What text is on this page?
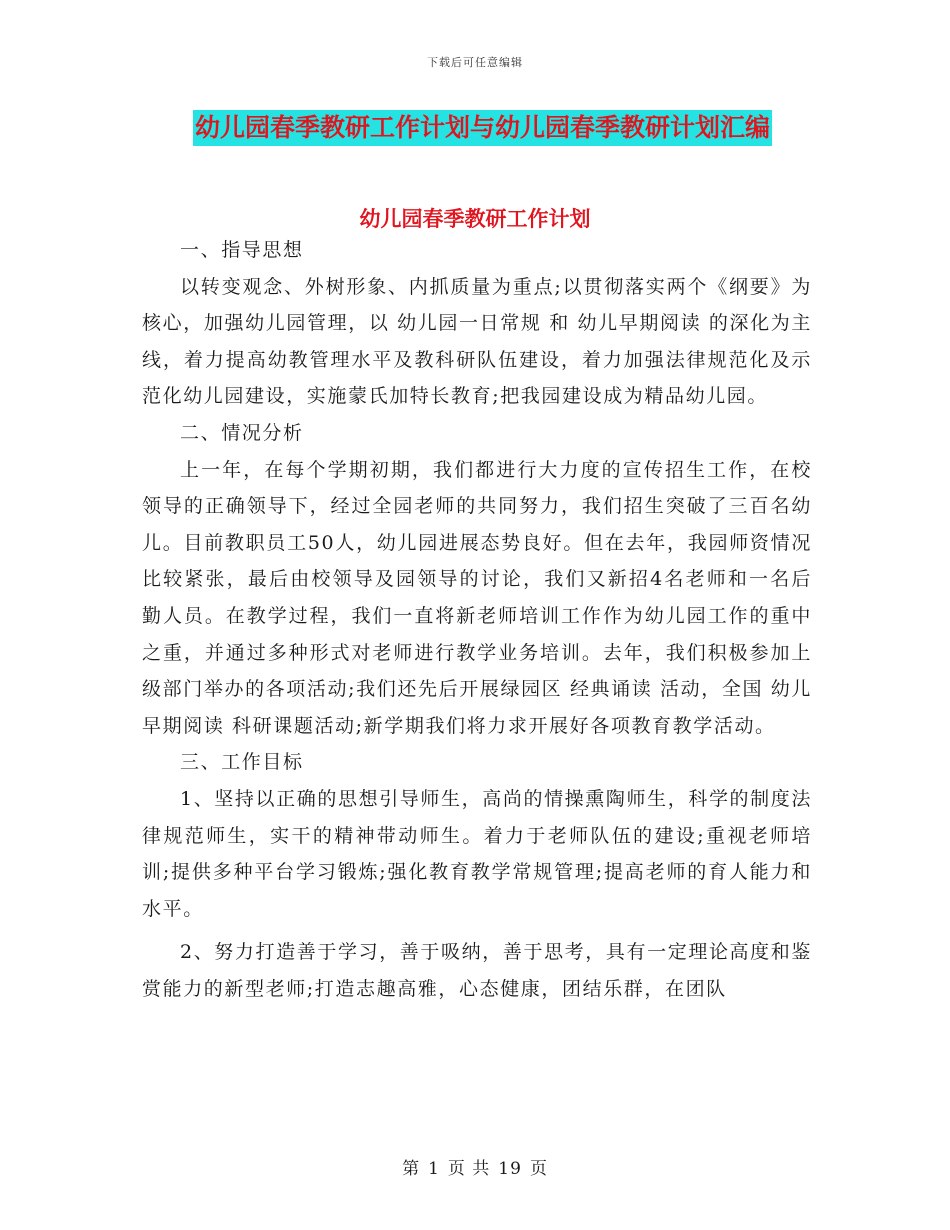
下载后可任意编辑
幼儿园春季教研工作计划与幼儿园春季教研计划汇编
幼儿园春季教研工作计划

一、指导思想

以转变观念、外树形象、内抓质量为重点;以贯彻落实两个《纲要》为核心，加强幼儿园管理，以 幼儿园一日常规 和 幼儿早期阅读 的深化为主线，着力提高幼教管理水平及教科研队伍建设，着力加强法律规范化及示范化幼儿园建设，实施蒙氏加特长教育;把我园建设成为精品幼儿园。

二、情况分析

上一年，在每个学期初期，我们都进行大力度的宣传招生工作，在校领导的正确领导下，经过全园老师的共同努力，我们招生突破了三百名幼儿。目前教职员工50人，幼儿园进展态势良好。但在去年，我园师资情况比较紧张，最后由校领导及园领导的讨论，我们又新招4名老师和一名后勤人员。在教学过程，我们一直将新老师培训工作作为幼儿园工作的重中之重，并通过多种形式对老师进行教学业务培训。去年，我们积极参加上级部门举办的各项活动;我们还先后开展绿园区 经典诵读 活动，全国 幼儿早期阅读 科研课题活动;新学期我们将力求开展好各项教育教学活动。

三、工作目标

1、坚持以正确的思想引导师生，高尚的情操熏陶师生，科学的制度法律规范师生，实干的精神带动师生。着力于老师队伍的建设;重视老师培训;提供多种平台学习锻炼;强化教育教学常规管理;提高老师的育人能力和水平。

2、努力打造善于学习，善于吸纳，善于思考，具有一定理论高度和鉴赏能力的新型老师;打造志趣高雅，心态健康，团结乐群，在团队

第 1 页 共 19 页
